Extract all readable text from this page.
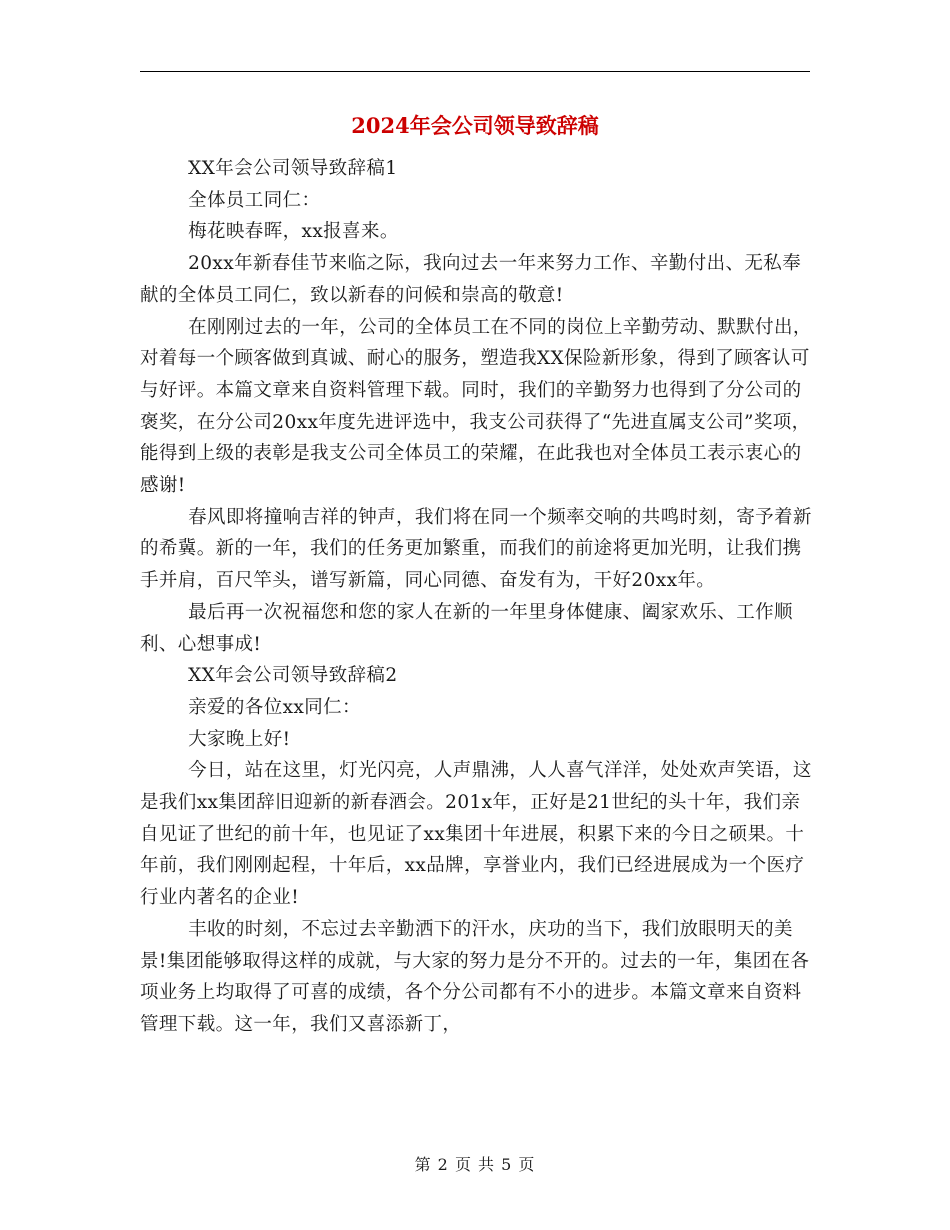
2024年会公司领导致辞稿

XX年会公司领导致辞稿1

全体员工同仁：

梅花映春晖，xx报喜来。

20xx年新春佳节来临之际，我向过去一年来努力工作、辛勤付出、无私奉献的全体员工同仁，致以新春的问候和崇高的敬意!

在刚刚过去的一年，公司的全体员工在不同的岗位上辛勤劳动、默默付出，对着每一个顾客做到真诚、耐心的服务，塑造我XX保险新形象，得到了顾客认可与好评。本篇文章来自资料管理下载。同时，我们的辛勤努力也得到了分公司的褒奖，在分公司20xx年度先进评选中，我支公司获得了“先进直属支公司”奖项，能得到上级的表彰是我支公司全体员工的荣耀，在此我也对全体员工表示衷心的感谢!

春风即将撞响吉祥的钟声，我们将在同一个频率交响的共鸣时刻，寄予着新的希冀。新的一年，我们的任务更加繁重，而我们的前途将更加光明，让我们携手并肩，百尺竿头，谱写新篇，同心同德、奋发有为，干好20xx年。

最后再一次祝福您和您的家人在新的一年里身体健康、阖家欢乐、工作顺利、心想事成!

XX年会公司领导致辞稿2

亲爱的各位xx同仁：

大家晚上好!

今日，站在这里，灯光闪亮，人声鼎沸，人人喜气洋洋，处处欢声笑语，这是我们xx集团辞旧迎新的新春酒会。201x年，正好是21世纪的头十年，我们亲自见证了世纪的前十年，也见证了xx集团十年进展，积累下来的今日之硕果。十年前，我们刚刚起程，十年后，xx品牌，享誉业内，我们已经进展成为一个医疗行业内著名的企业!

丰收的时刻，不忘过去辛勤洒下的汗水，庆功的当下，我们放眼明天的美景!集团能够取得这样的成就，与大家的努力是分不开的。过去的一年，集团在各项业务上均取得了可喜的成绩，各个分公司都有不小的进步。本篇文章来自资料管理下载。这一年，我们又喜添新丁，

第 2 页 共 5 页
